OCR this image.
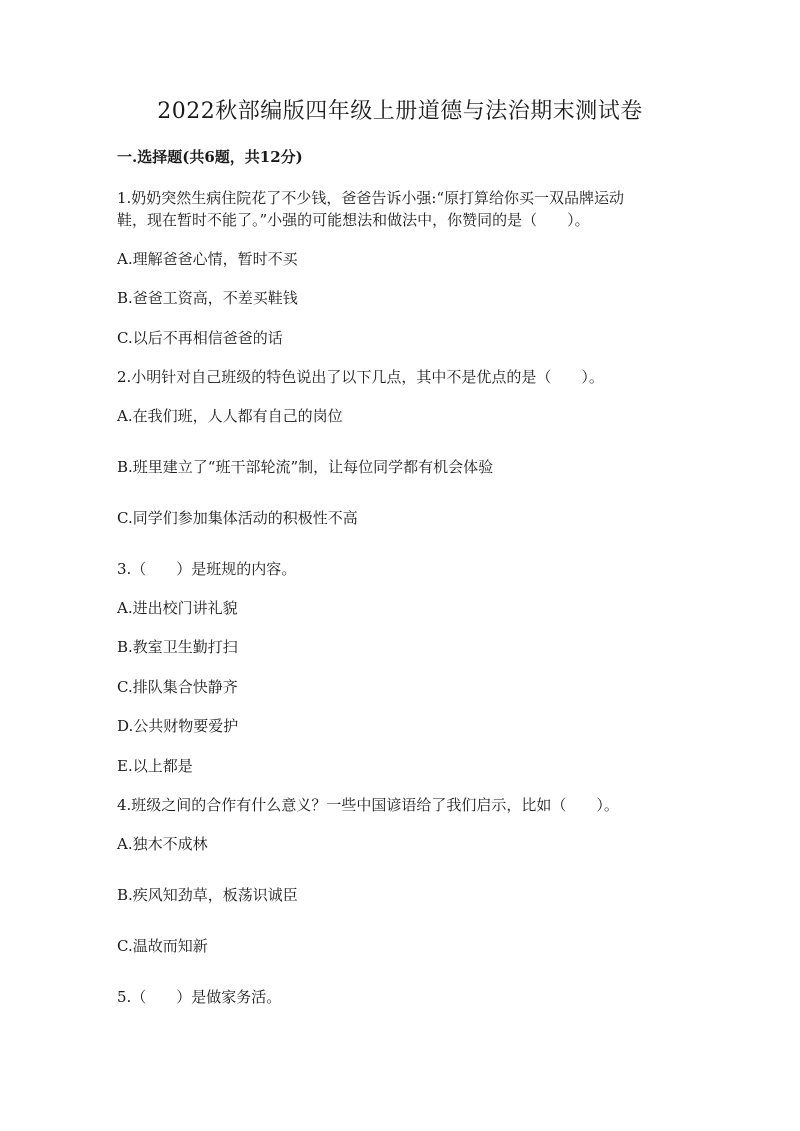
2022秋部编版四年级上册道德与法治期末测试卷
一.选择题(共6题，共12分)
1.奶奶突然生病住院花了不少钱，爸爸告诉小强:“原打算给你买一双品牌运动
鞋，现在暂时不能了。”小强的可能想法和做法中，你赞同的是（　　）。
A.理解爸爸心情，暂时不买
B.爸爸工资高，不差买鞋钱
C.以后不再相信爸爸的话
2.小明针对自己班级的特色说出了以下几点，其中不是优点的是（　　）。
A.在我们班，人人都有自己的岗位
B.班里建立了“班干部轮流”制，让每位同学都有机会体验
C.同学们参加集体活动的积极性不高
3.（　　）是班规的内容。
A.进出校门讲礼貌
B.教室卫生勤打扫
C.排队集合快静齐
D.公共财物要爱护
E.以上都是
4.班级之间的合作有什么意义？一些中国谚语给了我们启示，比如（　　）。
A.独木不成林
B.疾风知劲草，板荡识诚臣
C.温故而知新
5.（　　）是做家务活。
